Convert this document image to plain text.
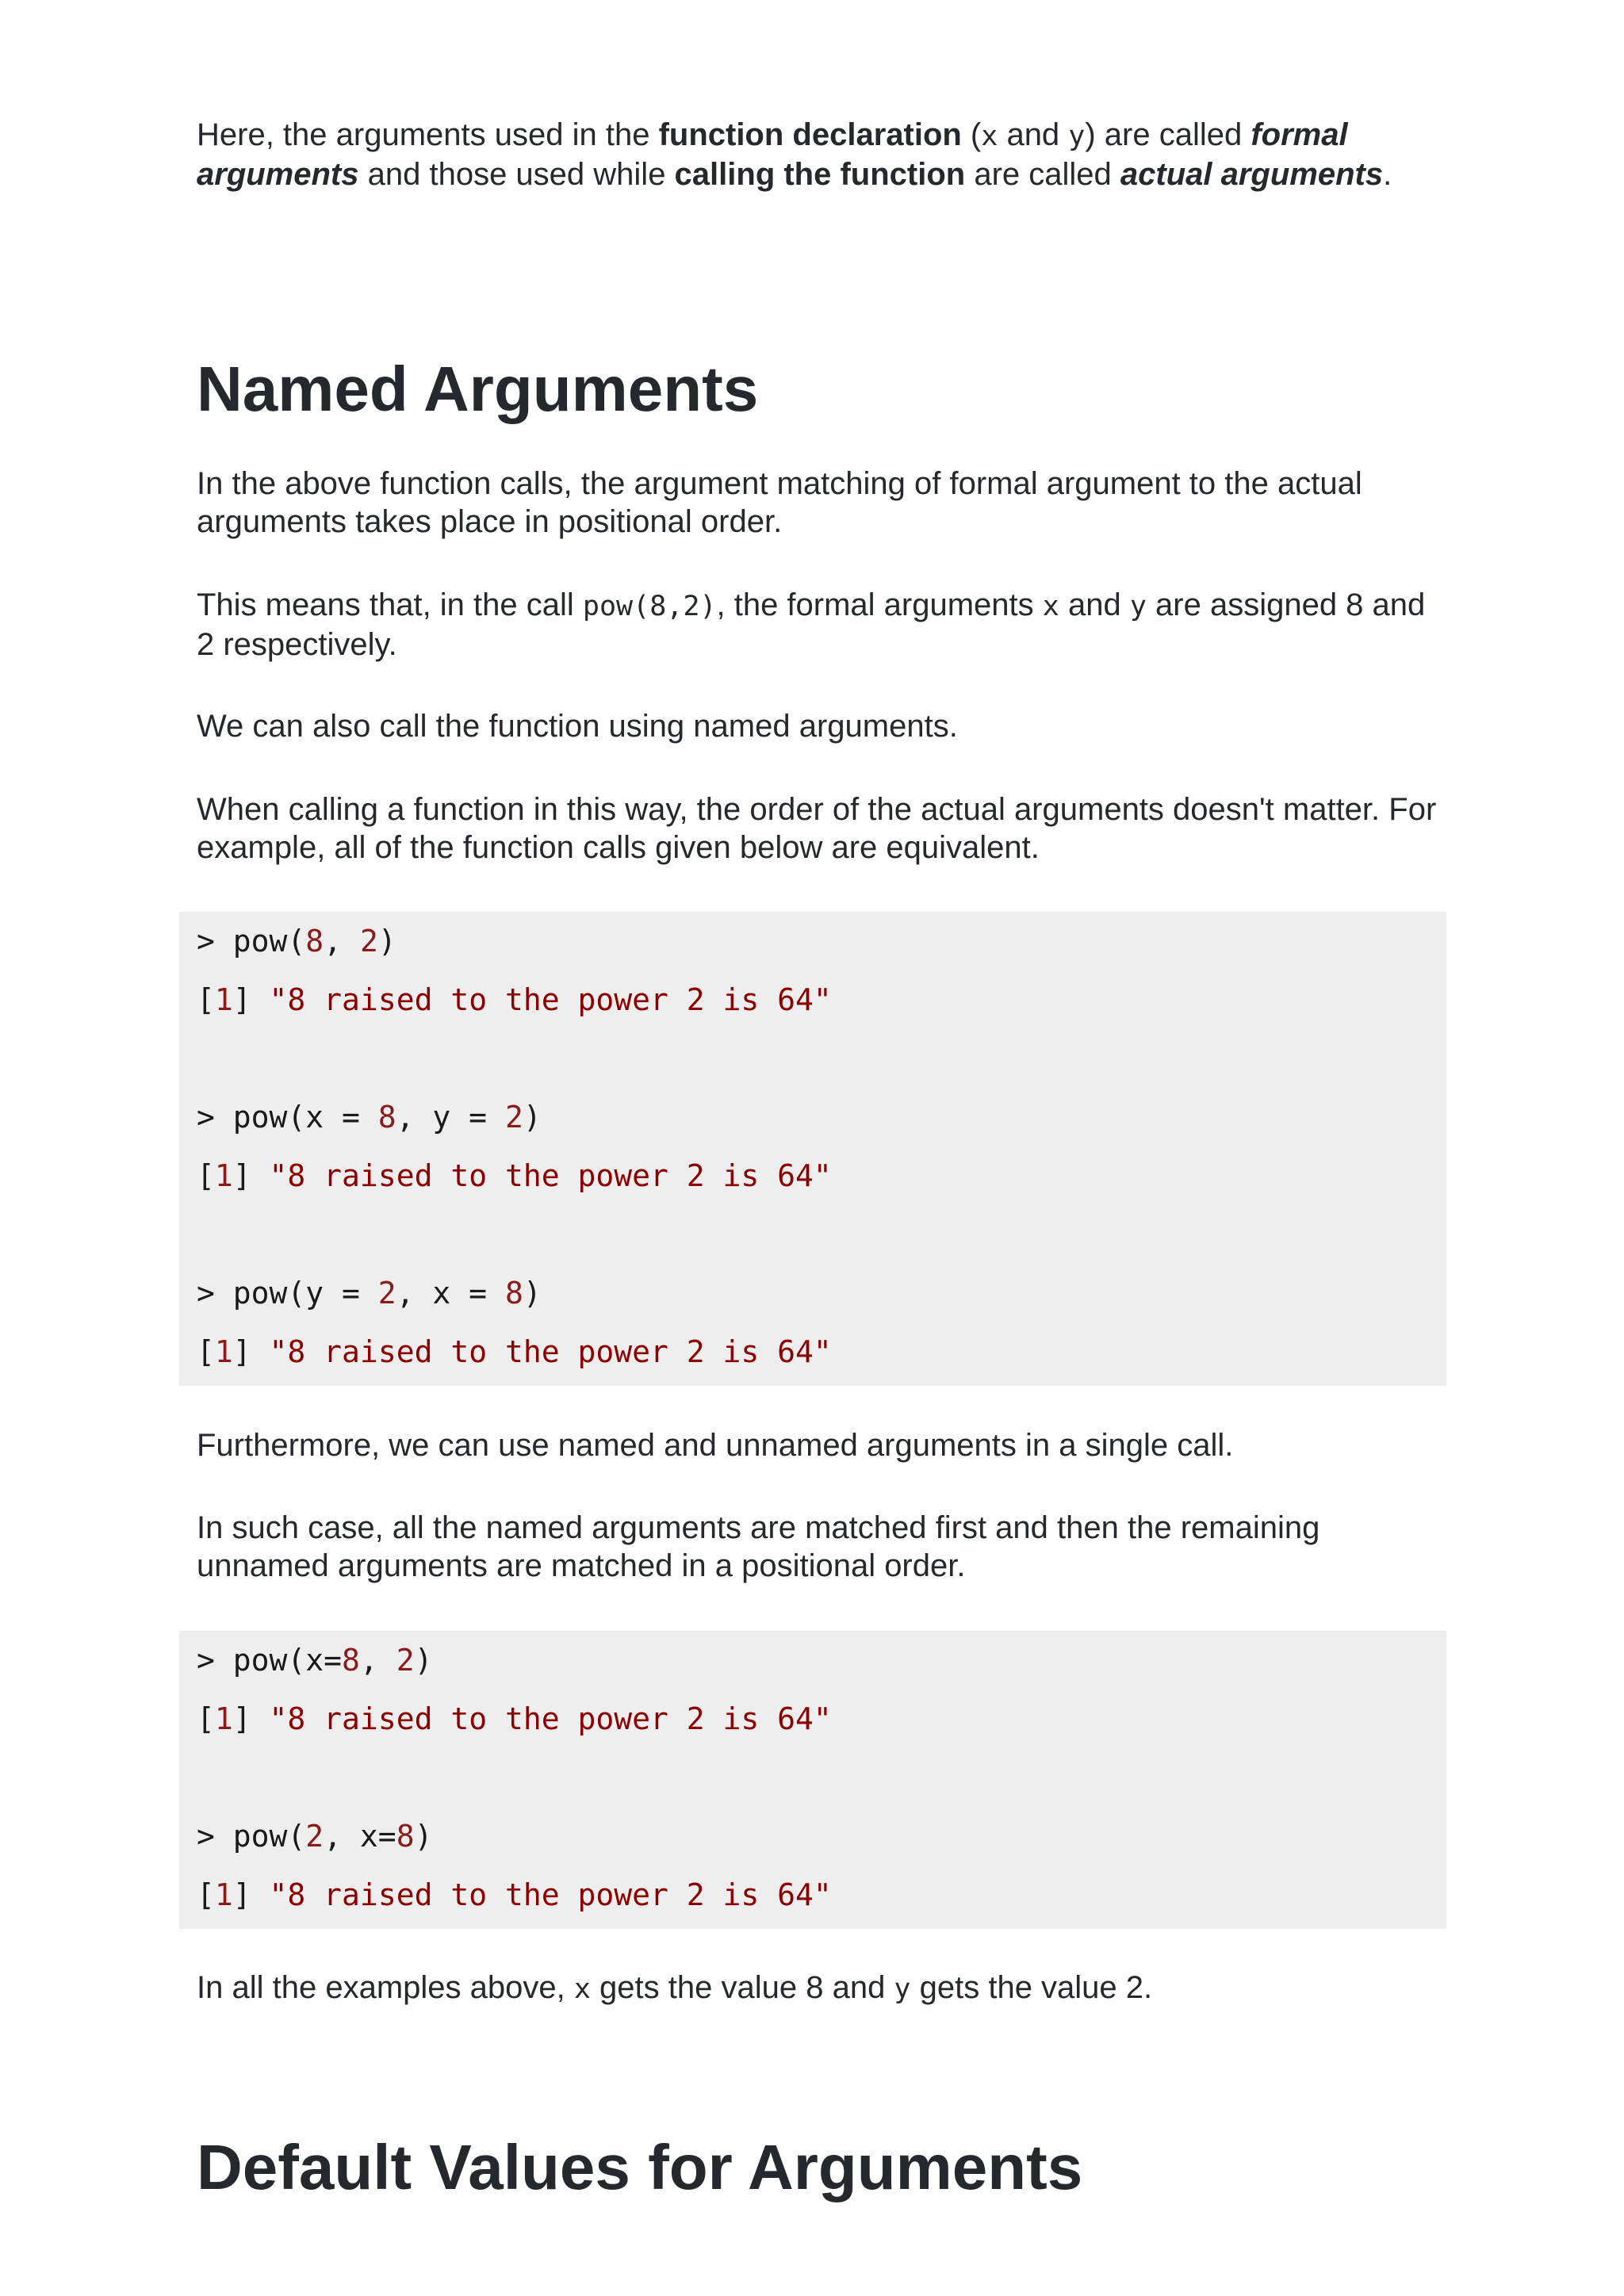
Here, the arguments used in the function declaration (x and y) are called formal arguments and those used while calling the function are called actual arguments.

Named Arguments

In the above function calls, the argument matching of formal argument to the actual arguments takes place in positional order.

This means that, in the call pow(8,2), the formal arguments x and y are assigned 8 and 2 respectively.

We can also call the function using named arguments.

When calling a function in this way, the order of the actual arguments doesn't matter. For example, all of the function calls given below are equivalent.

> pow(8, 2)
[1] "8 raised to the power 2 is 64"
> pow(x = 8, y = 2)
[1] "8 raised to the power 2 is 64"
> pow(y = 2, x = 8)
[1] "8 raised to the power 2 is 64"

Furthermore, we can use named and unnamed arguments in a single call.

In such case, all the named arguments are matched first and then the remaining unnamed arguments are matched in a positional order.

> pow(x=8, 2)
[1] "8 raised to the power 2 is 64"
> pow(2, x=8)
[1] "8 raised to the power 2 is 64"

In all the examples above, x gets the value 8 and y gets the value 2.

Default Values for Arguments
